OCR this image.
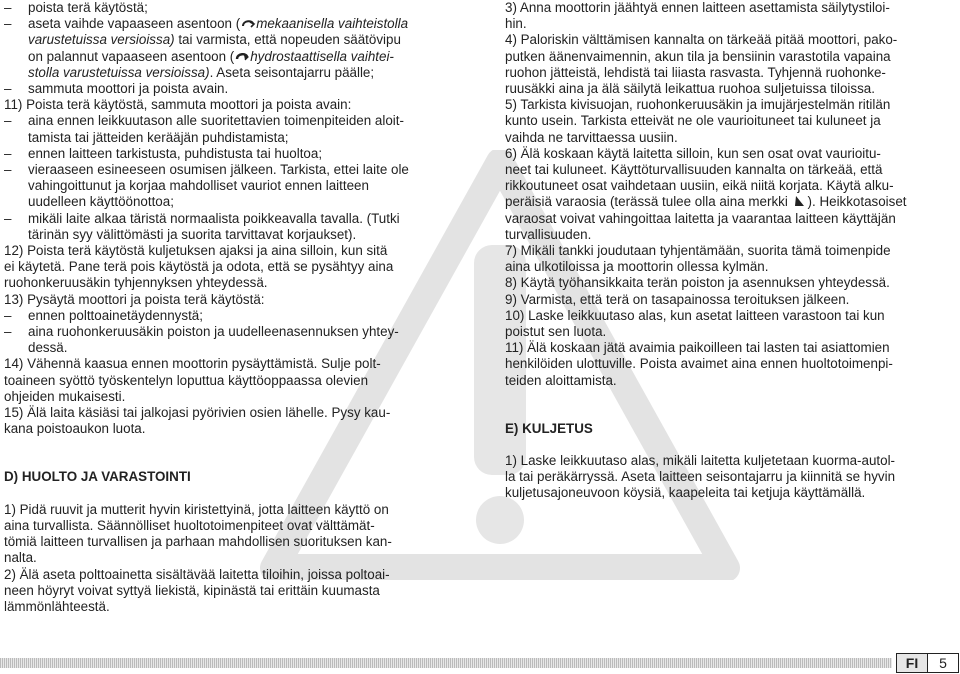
– poista terä käytöstä;
– aseta vaihde vapaaseen asentoon ( mekaanisella vaihteistolla
varustetuissa versioissa) tai varmista, että nopeuden säätövipu
on palannut vapaaseen asentoon ( hydrostaattisella vaihtei-
stolla varustetuissa versioissa). Aseta seisontajarru päälle;
– sammuta moottori ja poista avain.
11) Poista terä käytöstä, sammuta moottori ja poista avain:
– aina ennen leikkuutason alle suoritettavien toimenpiteiden aloit-
tamista tai jätteiden kerääjän puhdistamista;
– ennen laitteen tarkistusta, puhdistusta tai huoltoa;
– vieraaseen esineeseen osumisen jälkeen. Tarkista, ettei laite ole
vahingoittunut ja korjaa mahdolliset vauriot ennen laitteen
uudelleen käyttöönottoa;
– mikäli laite alkaa täristä normaalista poikkeavalla tavalla. (Tutki
tärinän syy välittömästi ja suorita tarvittavat korjaukset).
12) Poista terä käytöstä kuljetuksen ajaksi ja aina silloin, kun sitä
ei käytetä. Pane terä pois käytöstä ja odota, että se pysähtyy aina
ruohonkeruusäkin tyhjennyksen yhteydessä.
13) Pysäytä moottori ja poista terä käytöstä:
– ennen polttoainetäydennystä;
– aina ruohonkeruusäkin poiston ja uudelleenasennuksen yhtey-
dessä.
14) Vähennä kaasua ennen moottorin pysäyttämistä. Sulje polt-
toaineen syöttö työskentelyn loputtua käyttöoppaassa olevien
ohjeiden mukaisesti.
15) Älä laita käsiäsi tai jalkojasi pyörivien osien lähelle. Pysy kau-
kana poistoaukon luota.
D) HUOLTO JA VARASTOINTI
1) Pidä ruuvit ja mutterit hyvin kiristettyinä, jotta laitteen käyttö on
aina turvallista. Säännölliset huoltotoimenpiteet ovat välttämät-
tömiä laitteen turvallisen ja parhaan mahdollisen suorituksen kan-
nalta.
2) Älä aseta polttoainetta sisältävää laitetta tiloihin, joissa poltoai-
neen höyryt voivat syttyä liekistä, kipinästä tai erittäin kuumasta
lämmönlähteestä.
3) Anna moottorin jäähtyä ennen laitteen asettamista säilytystiloi-
hin.
4) Paloriskin välttämisen kannalta on tärkeää pitää moottori, pako-
putken äänenvaimennin, akun tila ja bensiinin varastotila vapaina
ruohon jätteistä, lehdistä tai liiasta rasvasta. Tyhjennä ruohonke-
ruusäkki aina ja älä säilytä leikattua ruohoa suljetuissa tiloissa.
5) Tarkista kivisuojan, ruohonkeruusäkin ja imujärjestelmän ritilän
kunto usein. Tarkista etteivät ne ole vaurioituneet tai kuluneet ja
vaihda ne tarvittaessa uusiin.
6) Älä koskaan käytä laitetta silloin, kun sen osat ovat vaurioitu-
neet tai kuluneet. Käyttöturvallisuuden kannalta on tärkeää, että
rikkoutuneet osat vaihdetaan uusiin, eikä niitä korjata. Käytä alku-
peräisiä varaosia (terässä tulee olla aina merkki ). Heikkotasoiset
varaosat voivat vahingoittaa laitetta ja vaarantaa laitteen käyttäjän
turvallisuuden.
7) Mikäli tankki joudutaan tyhjentämään, suorita tämä toimenpide
aina ulkotiloissa ja moottorin ollessa kylmän.
8) Käytä työhansikkaita terän poiston ja asennuksen yhteydessä.
9) Varmista, että terä on tasapainossa teroituksen jälkeen.
10) Laske leikkuutaso alas, kun asetat laitteen varastoon tai kun
poistut sen luota.
11) Älä koskaan jätä avaimia paikoilleen tai lasten tai asiattomien
henkilöiden ulottuville. Poista avaimet aina ennen huoltotoimenpi-
teiden aloittamista.
E) KULJETUS
1) Laske leikkuutaso alas, mikäli laitetta kuljetetaan kuorma-autol-
la tai peräkärryssä. Aseta laitteen seisontajarru ja kiinnitä se hyvin
kuljetusajoneuvoon köysiä, kaapeleita tai ketjuja käyttämällä.
FI	5
